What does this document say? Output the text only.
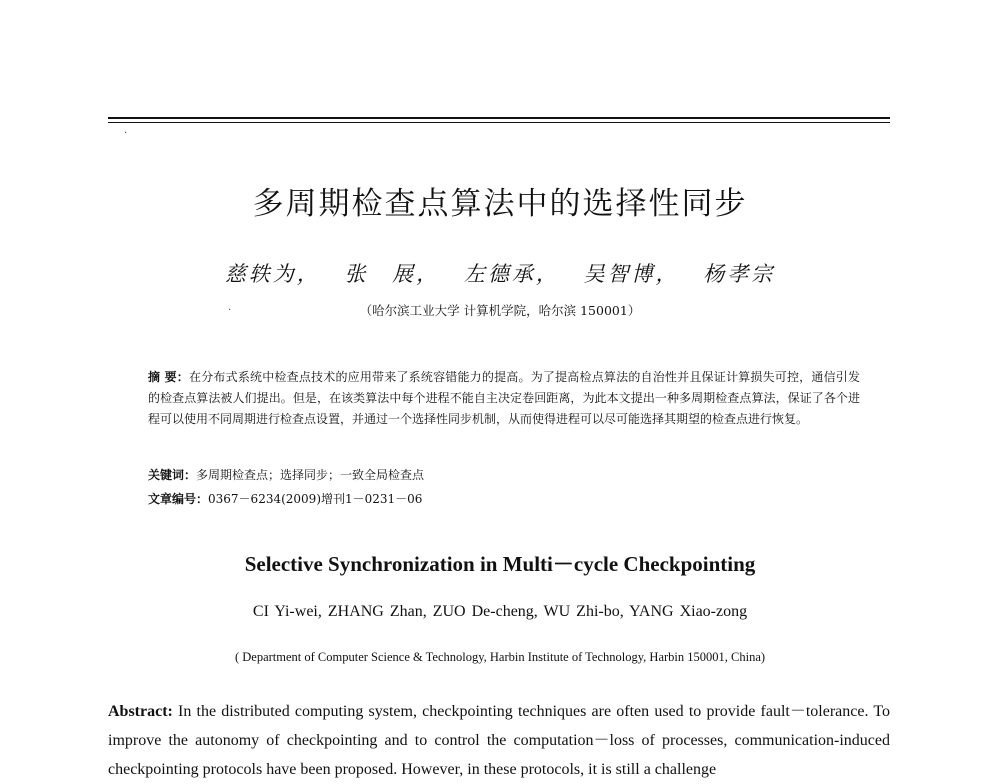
·
多周期检查点算法中的选择性同步
慈轶为， 张 展， 左德承， 吴智博， 杨孝宗
·	（哈尔滨工业大学 计算机学院，哈尔滨 150001）
摘 要：在分布式系统中检查点技术的应用带来了系统容错能力的提高。为了提高检点算法的自治性并且保证计算损失可控，通信引发的检查点算法被人们提出。但是，在该类算法中每个进程不能自主决定卷回距离，为此本文提出一种多周期检查点算法，保证了各个进程可以使用不同周期进行检查点设置，并通过一个选择性同步机制，从而使得进程可以尽可能选择其期望的检查点进行恢复。
关键词：多周期检查点；选择同步；一致全局检查点
文章编号：0367－6234(2009)增刊1－0231－06
Selective Synchronization in Multi－cycle Checkpointing
CI Yi-wei, ZHANG Zhan, ZUO De-cheng, WU Zhi-bo, YANG Xiao-zong
( Department of Computer Science & Technology, Harbin Institute of Technology, Harbin 150001, China)
Abstract: In the distributed computing system, checkpointing techniques are often used to provide fault－tolerance. To improve the autonomy of checkpointing and to control the computation－loss of processes, communication-induced checkpointing protocols have been proposed. However, in these protocols, it is still a challenge
